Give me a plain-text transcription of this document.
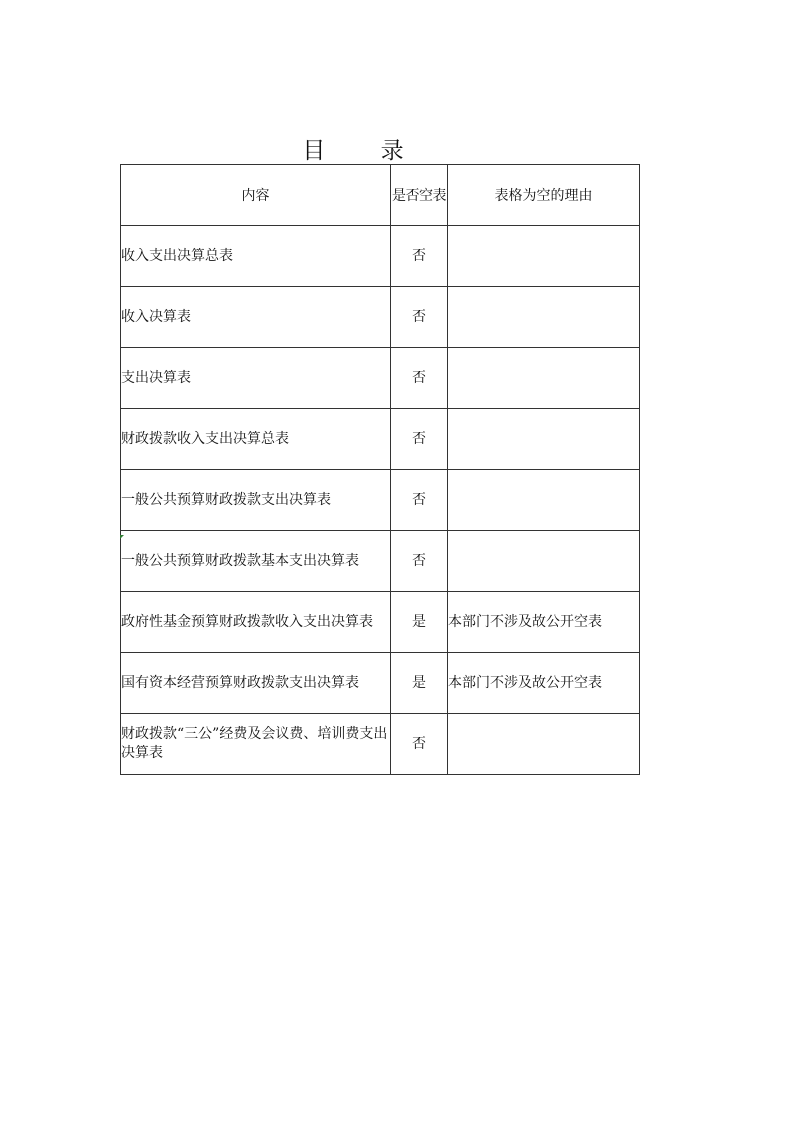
目 录
内容	是否空表	表格为空的理由
收入支出决算总表	否	
收入决算表	否	
支出决算表	否	
财政拨款收入支出决算总表	否	
一般公共预算财政拨款支出决算表	否	
一般公共预算财政拨款基本支出决算表	否	
政府性基金预算财政拨款收入支出决算表	是	本部门不涉及故公开空表
国有资本经营预算财政拨款支出决算表	是	本部门不涉及故公开空表
财政拨款“三公”经费及会议费、培训费支出决算表	否	
